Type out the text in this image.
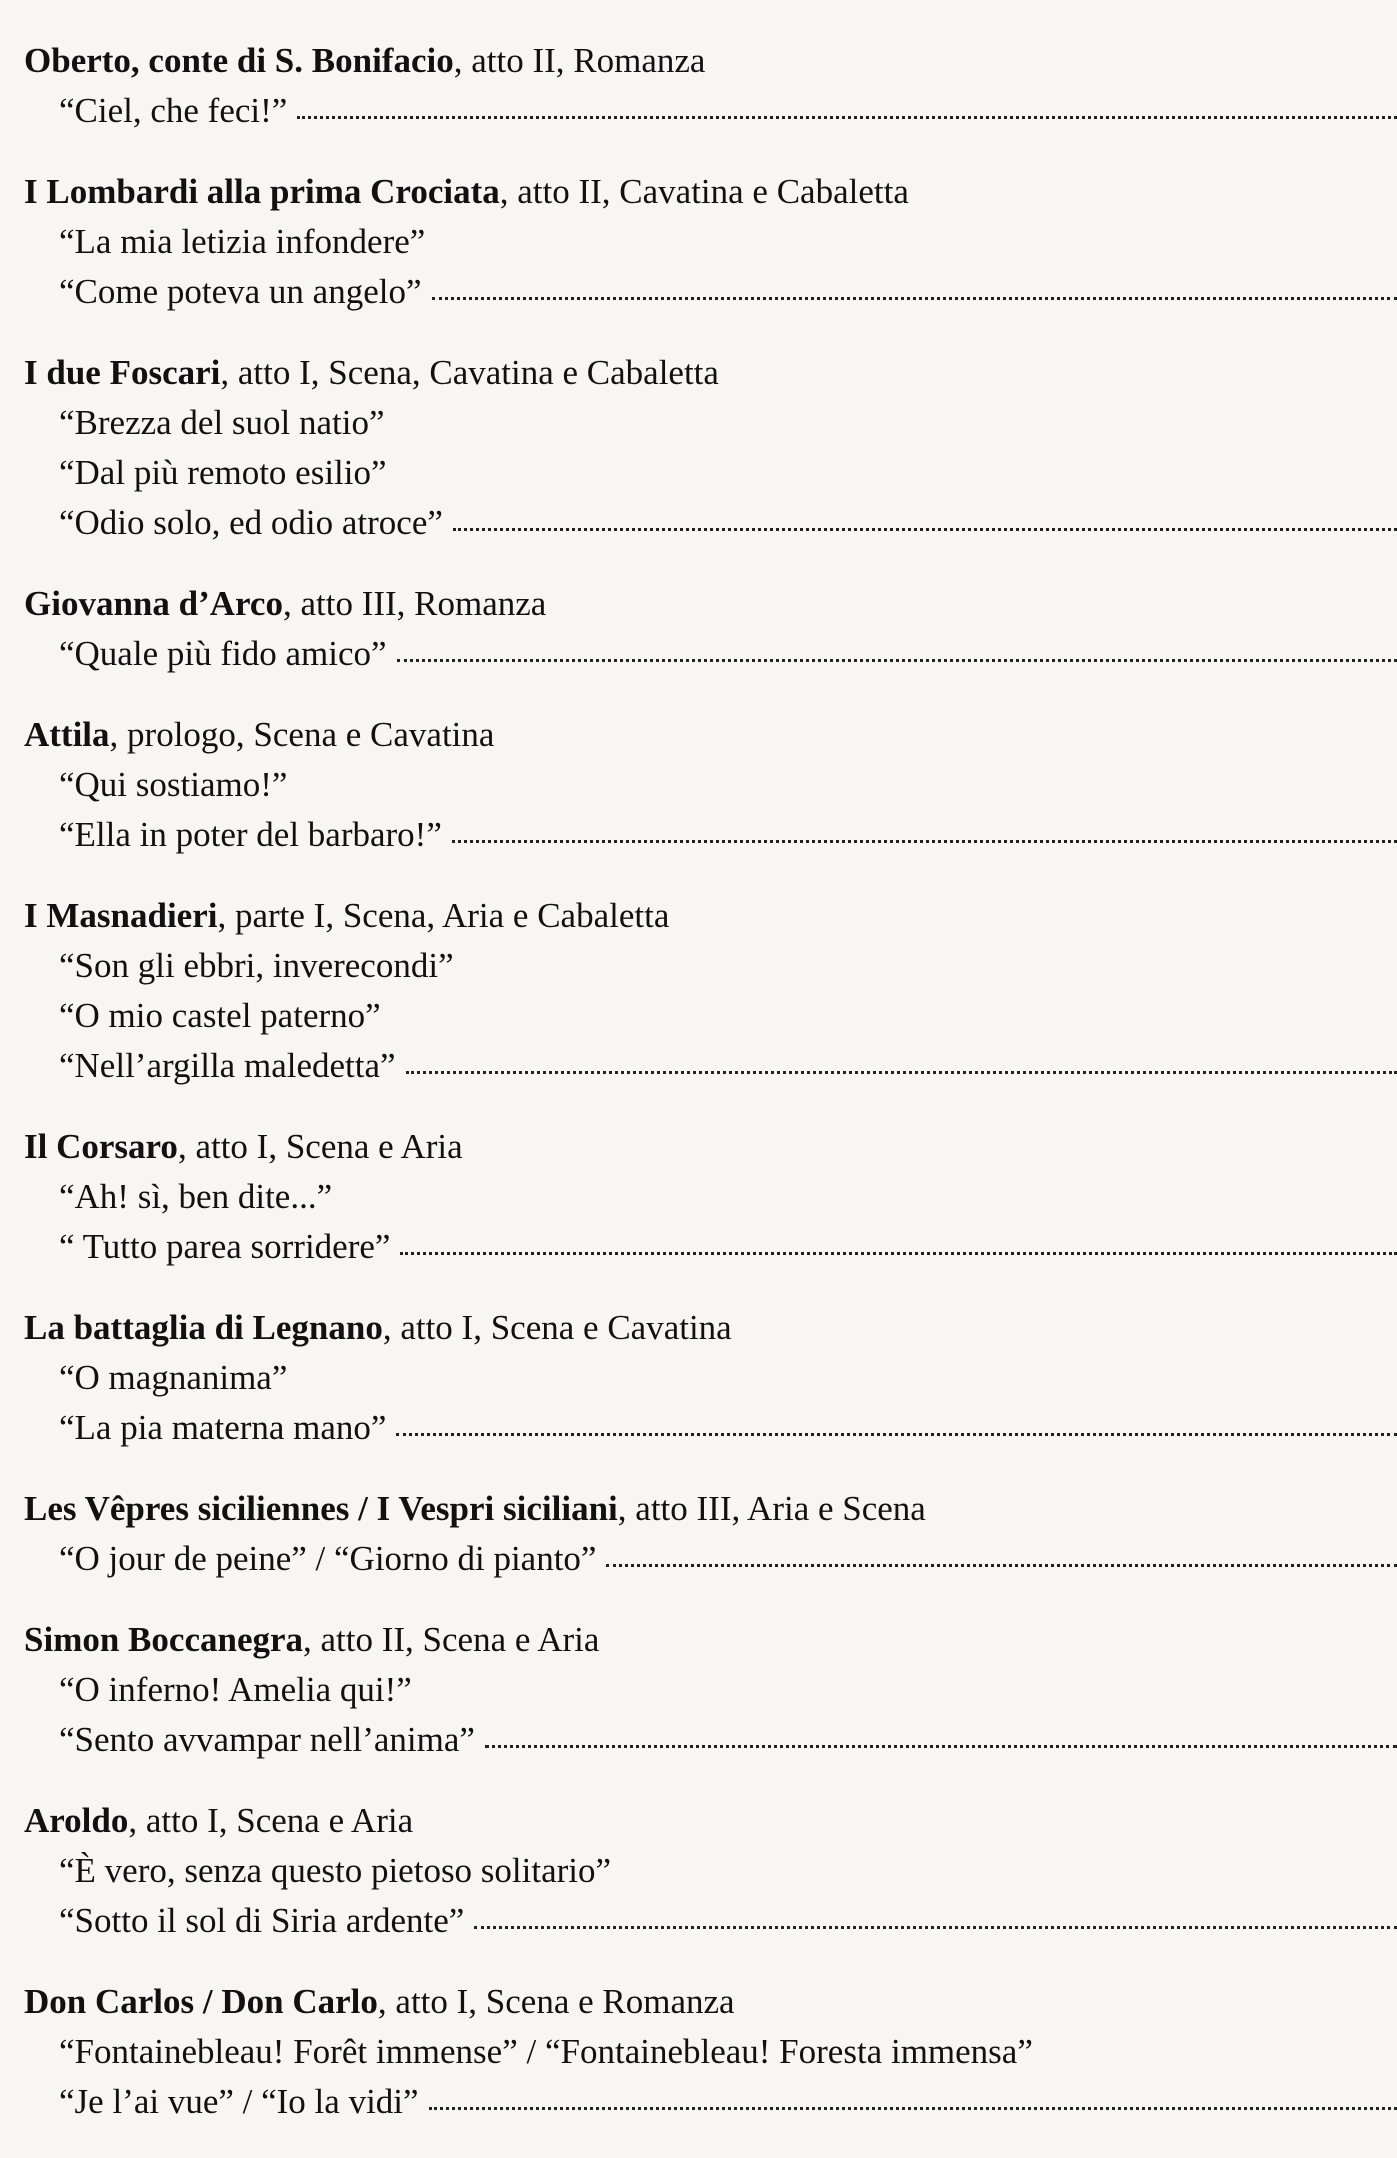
Oberto, conte di S. Bonifacio, atto II, Romanza
“Ciel, che feci!”
I Lombardi alla prima Crociata, atto II, Cavatina e Cabaletta
“La mia letizia infondere”
“Come poteva un angelo”
I due Foscari, atto I, Scena, Cavatina e Cabaletta
“Brezza del suol natio”
“Dal più remoto esilio”
“Odio solo, ed odio atroce”
Giovanna d’Arco, atto III, Romanza
“Quale più fido amico”
Attila, prologo, Scena e Cavatina
“Qui sostiamo!”
“Ella in poter del barbaro!”
I Masnadieri, parte I, Scena, Aria e Cabaletta
“Son gli ebbri, inverecondi”
“O mio castel paterno”
“Nell’argilla maledetta”
Il Corsaro, atto I, Scena e Aria
“Ah! sì, ben dite...”
“ Tutto parea sorridere”
La battaglia di Legnano, atto I, Scena e Cavatina
“O magnanima”
“La pia materna mano”
Les Vêpres siciliennes / I Vespri siciliani, atto III, Aria e Scena
“O jour de peine” / “Giorno di pianto”
Simon Boccanegra, atto II, Scena e Aria
“O inferno! Amelia qui!”
“Sento avvampar nell’anima”
Aroldo, atto I, Scena e Aria
“È vero, senza questo pietoso solitario”
“Sotto il sol di Siria ardente”
Don Carlos / Don Carlo, atto I, Scena e Romanza
“Fontainebleau! Forêt immense” / “Fontainebleau! Foresta immensa”
“Je l’ai vue” / “Io la vidi”
